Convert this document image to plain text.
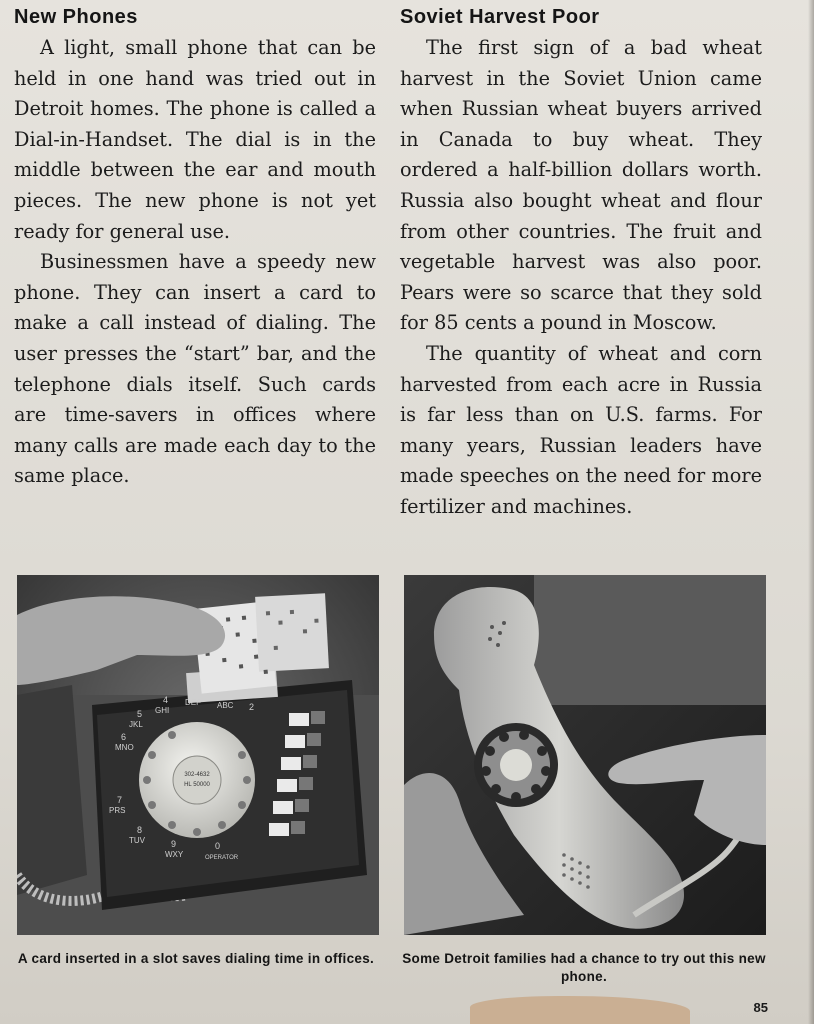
New Phones

A light, small phone that can be held in one hand was tried out in Detroit homes. The phone is called a Dial-in-Handset. The dial is in the middle between the ear and mouth pieces. The new phone is not yet ready for general use.

Businessmen have a speedy new phone. They can insert a card to make a call instead of dialing. The user presses the “start” bar, and the telephone dials itself. Such cards are time-savers in offices where many calls are made each day to the same place.

Soviet Harvest Poor

The first sign of a bad wheat harvest in the Soviet Union came when Russian wheat buyers arrived in Canada to buy wheat. They ordered a half-billion dollars worth. Russia also bought wheat and flour from other countries. The fruit and vegetable harvest was also poor. Pears were so scarce that they sold for 85 cents a pound in Moscow.

The quantity of wheat and corn harvested from each acre in Russia is far less than on U.S. farms. For many years, Russian leaders have made speeches on the need for more fertilizer and machines.

302-4632
HL 50000
ABC
DEF
GHI
JKL
MNO
PRS
TUV
WXY	OPERATOR
2
3
4
5
6
7
8
9	0
A card inserted in a slot saves dialing time in offices.	Some Detroit families had a chance to try out this new phone.
85
